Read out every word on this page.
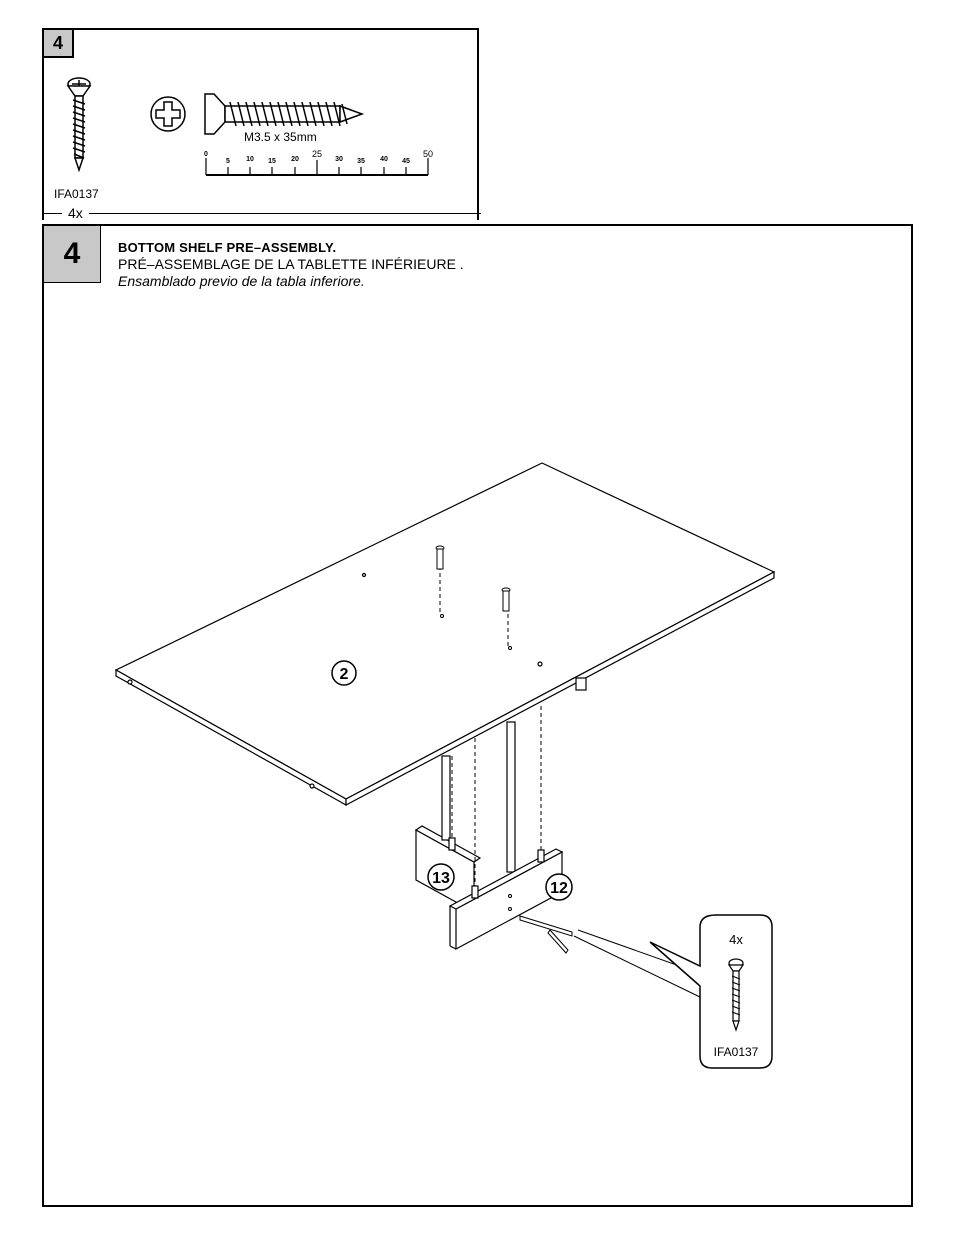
4
M3.5 x 35mm
0
5 10 15 20
25
30 35 40 45
50
IFA0137
4x
4	BOTTOM SHELF PRE–ASSEMBLY.
PRÉ–ASSEMBLAGE DE LA TABLETTE INFÉRIEURE .
Ensamblado previo de la tabla inferiore.
2
13
12
4x
IFA0137
